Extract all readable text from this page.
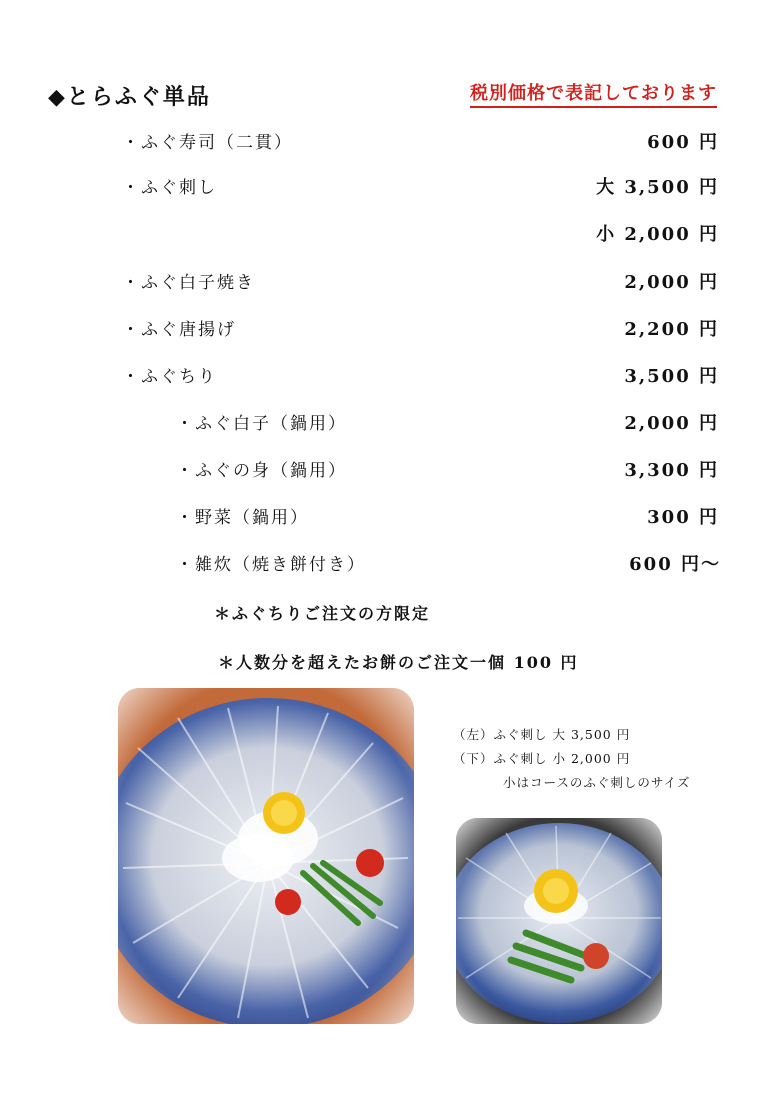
◆とらふぐ単品	税別価格で表記しております
・ふぐ寿司（二貫）	600 円
・ふぐ刺し	大 3,500 円
小 2,000 円
・ふぐ白子焼き	2,000 円
・ふぐ唐揚げ	2,200 円
・ふぐちり	3,500 円
・ふぐ白子（鍋用）	2,000 円
・ふぐの身（鍋用）	3,300 円
・野菜（鍋用）	300 円
・雑炊（焼き餅付き）	600 円～
＊ふぐちりご注文の方限定
＊人数分を超えたお餅のご注文一個 100 円
（左）ふぐ刺し 大 3,500 円
（下）ふぐ刺し 小 2,000 円
小はコースのふぐ刺しのサイズ
